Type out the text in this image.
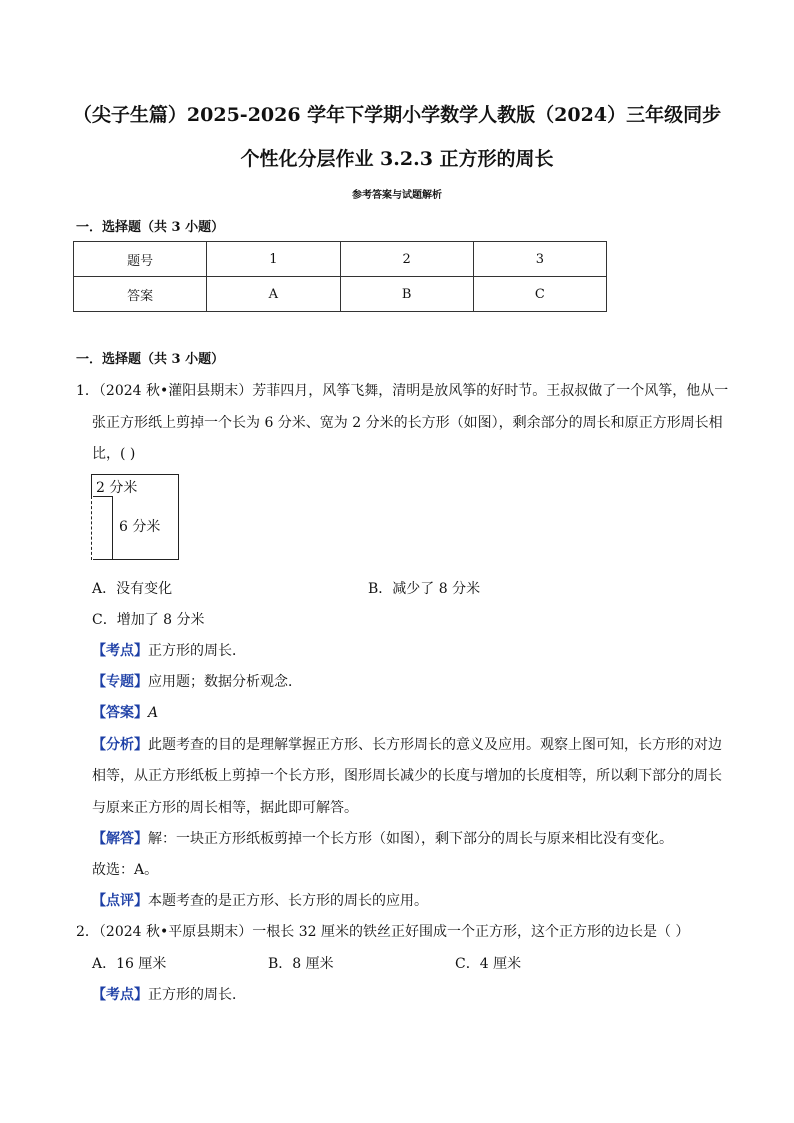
（尖子生篇）2025-2026 学年下学期小学数学人教版（2024）三年级同步
个性化分层作业 3.2.3 正方形的周长
参考答案与试题解析
一．选择题（共 3 小题）
题号	1	2	3
答案	A	B	C
一．选择题（共 3 小题）
1．（2024 秋•灌阳县期末）芳菲四月，风筝飞舞，清明是放风筝的好时节。王叔叔做了一个风筝，他从一
张正方形纸上剪掉一个长为 6 分米、宽为 2 分米的长方形（如图），剩余部分的周长和原正方形周长相
比，( )
2 分米
6 分米
A．没有变化	B．减少了 8 分米
C．增加了 8 分米
【考点】正方形的周长．
【专题】应用题；数据分析观念．
【答案】A
【分析】此题考查的目的是理解掌握正方形、长方形周长的意义及应用。观察上图可知，长方形的对边
相等，从正方形纸板上剪掉一个长方形，图形周长减少的长度与增加的长度相等，所以剩下部分的周长
与原来正方形的周长相等，据此即可解答。
【解答】解：一块正方形纸板剪掉一个长方形（如图），剩下部分的周长与原来相比没有变化。
故选：A。
【点评】本题考查的是正方形、长方形的周长的应用。
2．（2024 秋•平原县期末）一根长 32 厘米的铁丝正好围成一个正方形，这个正方形的边长是（ ）
A．16 厘米	B．8 厘米	C．4 厘米
【考点】正方形的周长．
